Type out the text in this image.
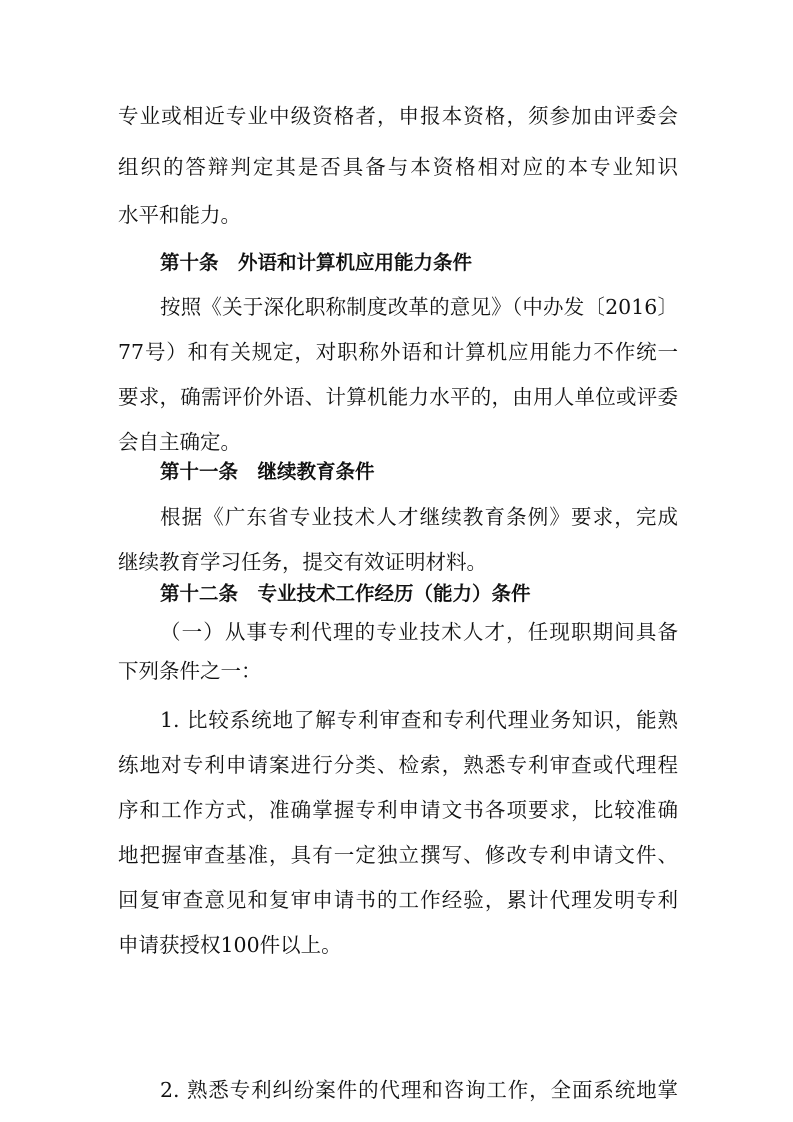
专业或相近专业中级资格者，申报本资格，须参加由评委会
组织的答辩判定其是否具备与本资格相对应的本专业知识
水平和能力。
第十条　外语和计算机应用能力条件
按照《关于深化职称制度改革的意见》（中办发〔2016〕
77号）和有关规定，对职称外语和计算机应用能力不作统一
要求，确需评价外语、计算机能力水平的，由用人单位或评委
会自主确定。
第十一条　继续教育条件
根据《广东省专业技术人才继续教育条例》要求，完成
继续教育学习任务，提交有效证明材料。
第十二条　专业技术工作经历（能力）条件
（一）从事专利代理的专业技术人才，任现职期间具备
下列条件之一：
1. 比较系统地了解专利审查和专利代理业务知识，能熟
练地对专利申请案进行分类、检索，熟悉专利审查或代理程
序和工作方式，准确掌握专利申请文书各项要求，比较准确
地把握审查基准，具有一定独立撰写、修改专利申请文件、
回复审查意见和复审申请书的工作经验，累计代理发明专利
申请获授权100件以上。
2. 熟悉专利纠纷案件的代理和咨询工作，全面系统地掌
